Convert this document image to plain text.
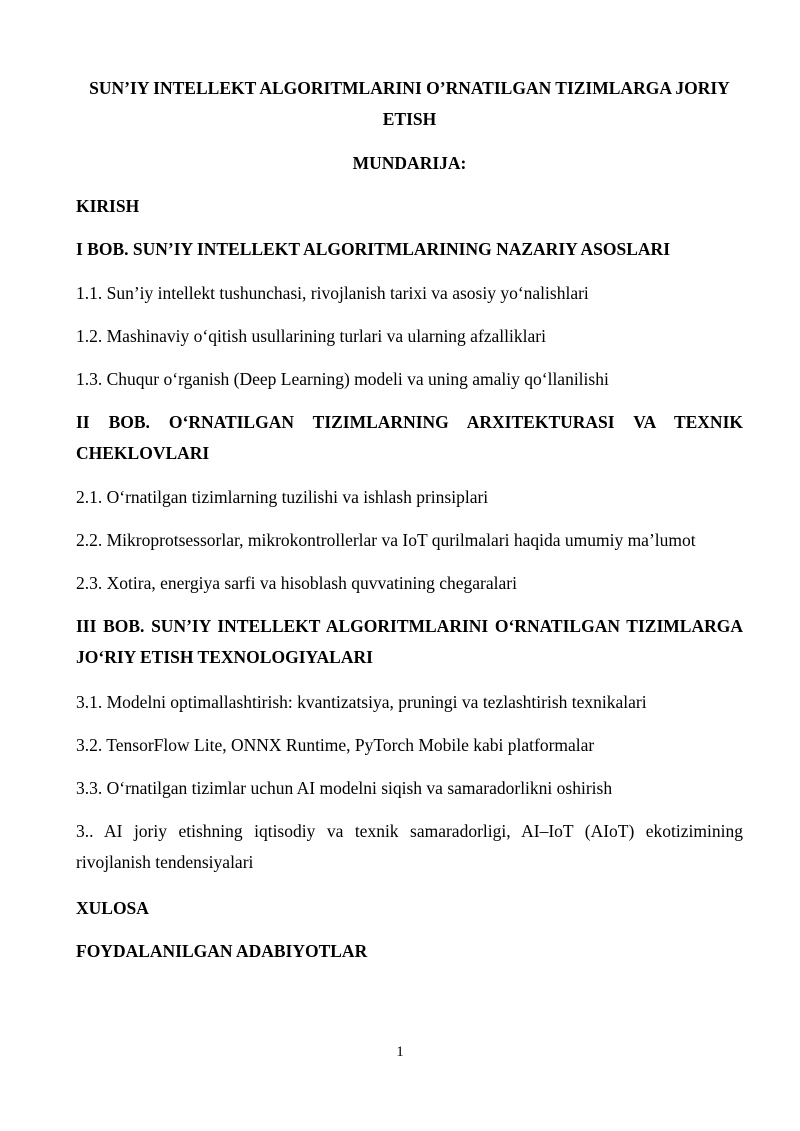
SUN’IY INTELLEKT ALGORITMLARINI O’RNATILGAN TIZIMLARGA JORIY ETISH
MUNDARIJA:

KIRISH

I BOB. SUN’IY INTELLEKT ALGORITMLARINING NAZARIY ASOSLARI

1.1. Sun’iy intellekt tushunchasi, rivojlanish tarixi va asosiy yo‘nalishlari

1.2. Mashinaviy o‘qitish usullarining turlari va ularning afzalliklari

1.3. Chuqur o‘rganish (Deep Learning) modeli va uning amaliy qo‘llanilishi

II BOB. O‘RNATILGAN TIZIMLARNING ARXITEKTURASI VA TEXNIK CHEKLOVLARI

2.1. O‘rnatilgan tizimlarning tuzilishi va ishlash prinsiplari

2.2. Mikroprotsessorlar, mikrokontrollerlar va IoT qurilmalari haqida umumiy ma’lumot

2.3. Xotira, energiya sarfi va hisoblash quvvatining chegaralari

III BOB. SUN’IY INTELLEKT ALGORITMLARINI O‘RNATILGAN TIZIMLARGA JO‘RIY ETISH TEXNOLOGIYALARI

3.1. Modelni optimallashtirish: kvantizatsiya, pruningi va tezlashtirish texnikalari

3.2. TensorFlow Lite, ONNX Runtime, PyTorch Mobile kabi platformalar

3.3. O‘rnatilgan tizimlar uchun AI modelni siqish va samaradorlikni oshirish

3.. AI joriy etishning iqtisodiy va texnik samaradorligi, AI–IoT (AIoT) ekotizimining rivojlanish tendensiyalari

XULOSA

FOYDALANILGAN ADABIYOTLAR

1
